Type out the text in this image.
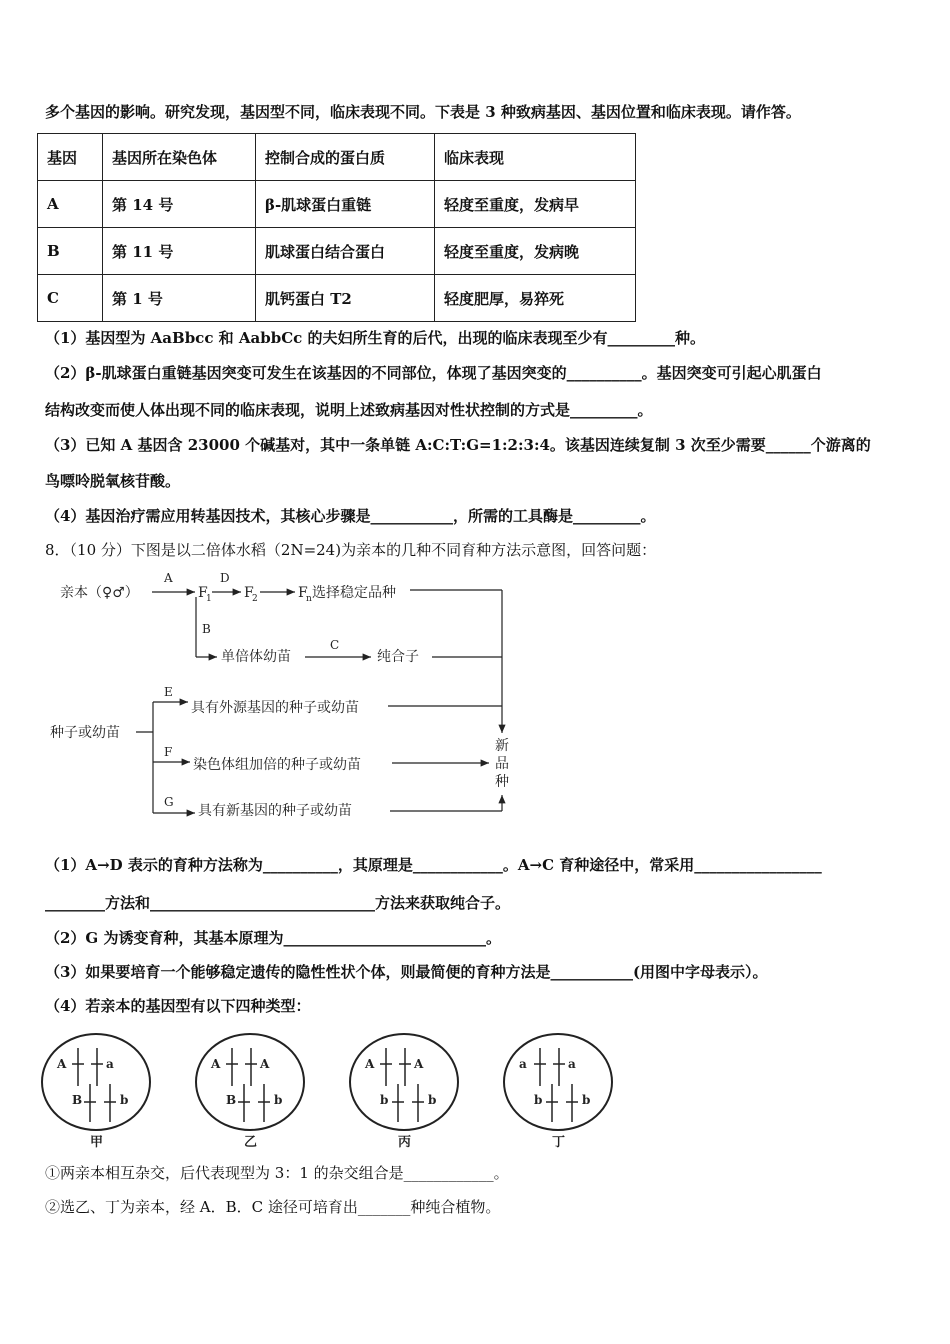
多个基因的影响。研究发现，基因型不同，临床表现不同。下表是 3 种致病基因、基因位置和临床表现。请作答。
基因	基因所在染色体	控制合成的蛋白质	临床表现
A	第 14 号	β-肌球蛋白重链	轻度至重度，发病早
B	第 11 号	肌球蛋白结合蛋白	轻度至重度，发病晚
C	第 1 号	肌钙蛋白 T2	轻度肥厚，易猝死
（1）基因型为 AaBbcc 和 AabbCc 的夫妇所生育的后代，出现的临床表现至少有_________种。
（2）β-肌球蛋白重链基因突变可发生在该基因的不同部位，体现了基因突变的__________。基因突变可引起心肌蛋白
结构改变而使人体出现不同的临床表现，说明上述致病基因对性状控制的方式是_________。
（3）已知 A 基因含 23000 个碱基对，其中一条单链 A:C:T:G=1:2:3:4。该基因连续复制 3 次至少需要______个游离的
鸟嘌呤脱氧核苷酸。
（4）基因治疗需应用转基因技术，其核心步骤是___________，所需的工具酶是_________。
8．（10 分）下图是以二倍体水稻（2N=24)为亲本的几种不同育种方法示意图，回答问题：
亲本（♀♂）
A
F
1
D
F
2	F
n 选择稳定品种
B
单倍体幼苗
C
纯合子
种子或幼苗
E
具有外源基因的种子或幼苗
F
染色体组加倍的种子或幼苗
G
具有新基因的种子或幼苗
新
品
种
（1）A→D 表示的育种方法称为__________，其原理是____________。A→C 育种途径中，常采用_________________
________方法和______________________________方法来获取纯合子。
（2）G 为诱变育种，其基本原理为___________________________。
（3）如果要培育一个能够稳定遗传的隐性性状个体，则最简便的育种方法是___________(用图中字母表示）。
（4）若亲本的基因型有以下四种类型：
A	a
B	b
甲
A	A
B	b
乙
A	A
b	b
丙
a	a
b	b
丁
①两亲本相互杂交，后代表现型为 3：1 的杂交组合是____________。
②选乙、丁为亲本，经 A．B．C 途径可培育出_______种纯合植物。
